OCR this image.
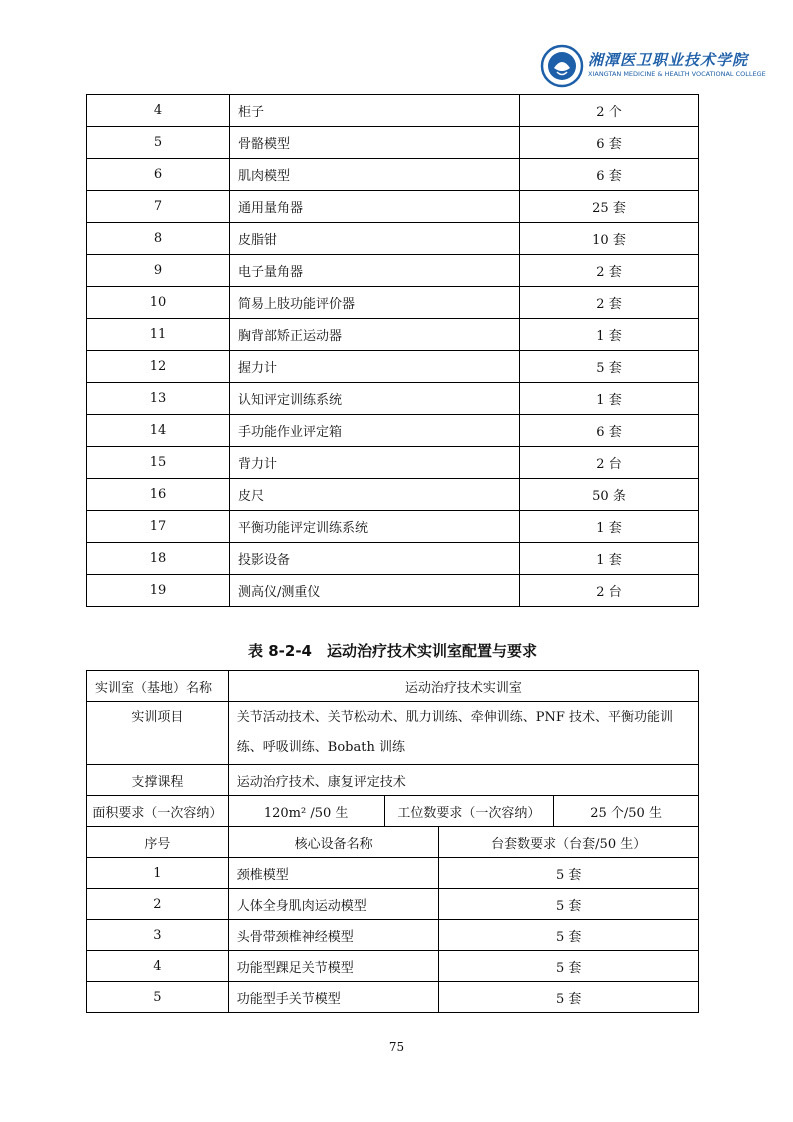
湘潭医卫职业技术学院
XIANGTAN MEDICINE & HEALTH VOCATIONAL COLLEGE
4	柜子	2 个
5	骨骼模型	6 套
6	肌肉模型	6 套
7	通用量角器	25 套
8	皮脂钳	10 套
9	电子量角器	2 套
10	简易上肢功能评价器	2 套
11	胸背部矫正运动器	1 套
12	握力计	5 套
13	认知评定训练系统	1 套
14	手功能作业评定箱	6 套
15	背力计	2 台
16	皮尺	50 条
17	平衡功能评定训练系统	1 套
18	投影设备	1 套
19	测高仪/测重仪	2 台
表 8-2-4　运动治疗技术实训室配置与要求
实训室（基地）名称	运动治疗技术实训室			
实训项目	关节活动技术、关节松动术、肌力训练、牵伸训练、PNF 技术、平衡功能训练、呼吸训练、Bobath 训练			
支撑课程	运动治疗技术、康复评定技术			
面积要求（一次容纳）	120m² /50 生	工位数要求（一次容纳）		25 个/50 生
序号	核心设备名称		台套数要求（台套/50 生）	
1	颈椎模型		5 套	
2	人体全身肌肉运动模型		5 套	
3	头骨带颈椎神经模型		5 套	
4	功能型踝足关节模型		5 套	
5	功能型手关节模型		5 套	
75
